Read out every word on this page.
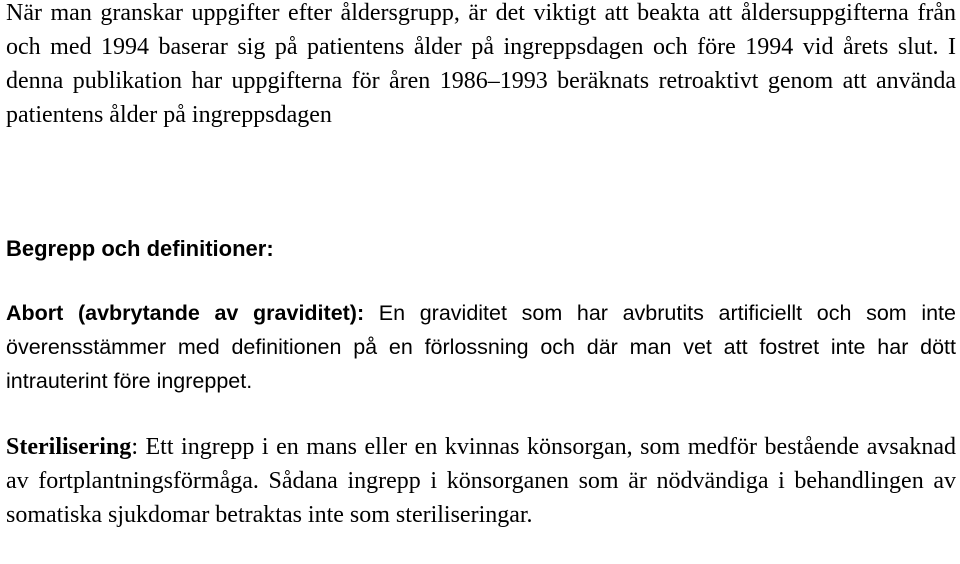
När man granskar uppgifter efter åldersgrupp, är det viktigt att beakta att åldersuppgifterna från och med 1994 baserar sig på patientens ålder på ingreppsdagen och före 1994 vid årets slut. I denna publikation har uppgifterna för åren 1986–1993 beräknats retroaktivt genom att använda patientens ålder på ingreppsdagen

Begrepp och definitioner:

Abort (avbrytande av graviditet): En graviditet som har avbrutits artificiellt och som inte överensstämmer med definitionen på en förlossning och där man vet att fostret inte har dött intrauterint före ingreppet.

Sterilisering: Ett ingrepp i en mans eller en kvinnas könsorgan, som medför bestående avsaknad av fortplantningsförmåga. Sådana ingrepp i könsorganen som är nödvändiga i behandlingen av somatiska sjukdomar betraktas inte som steriliseringar.
